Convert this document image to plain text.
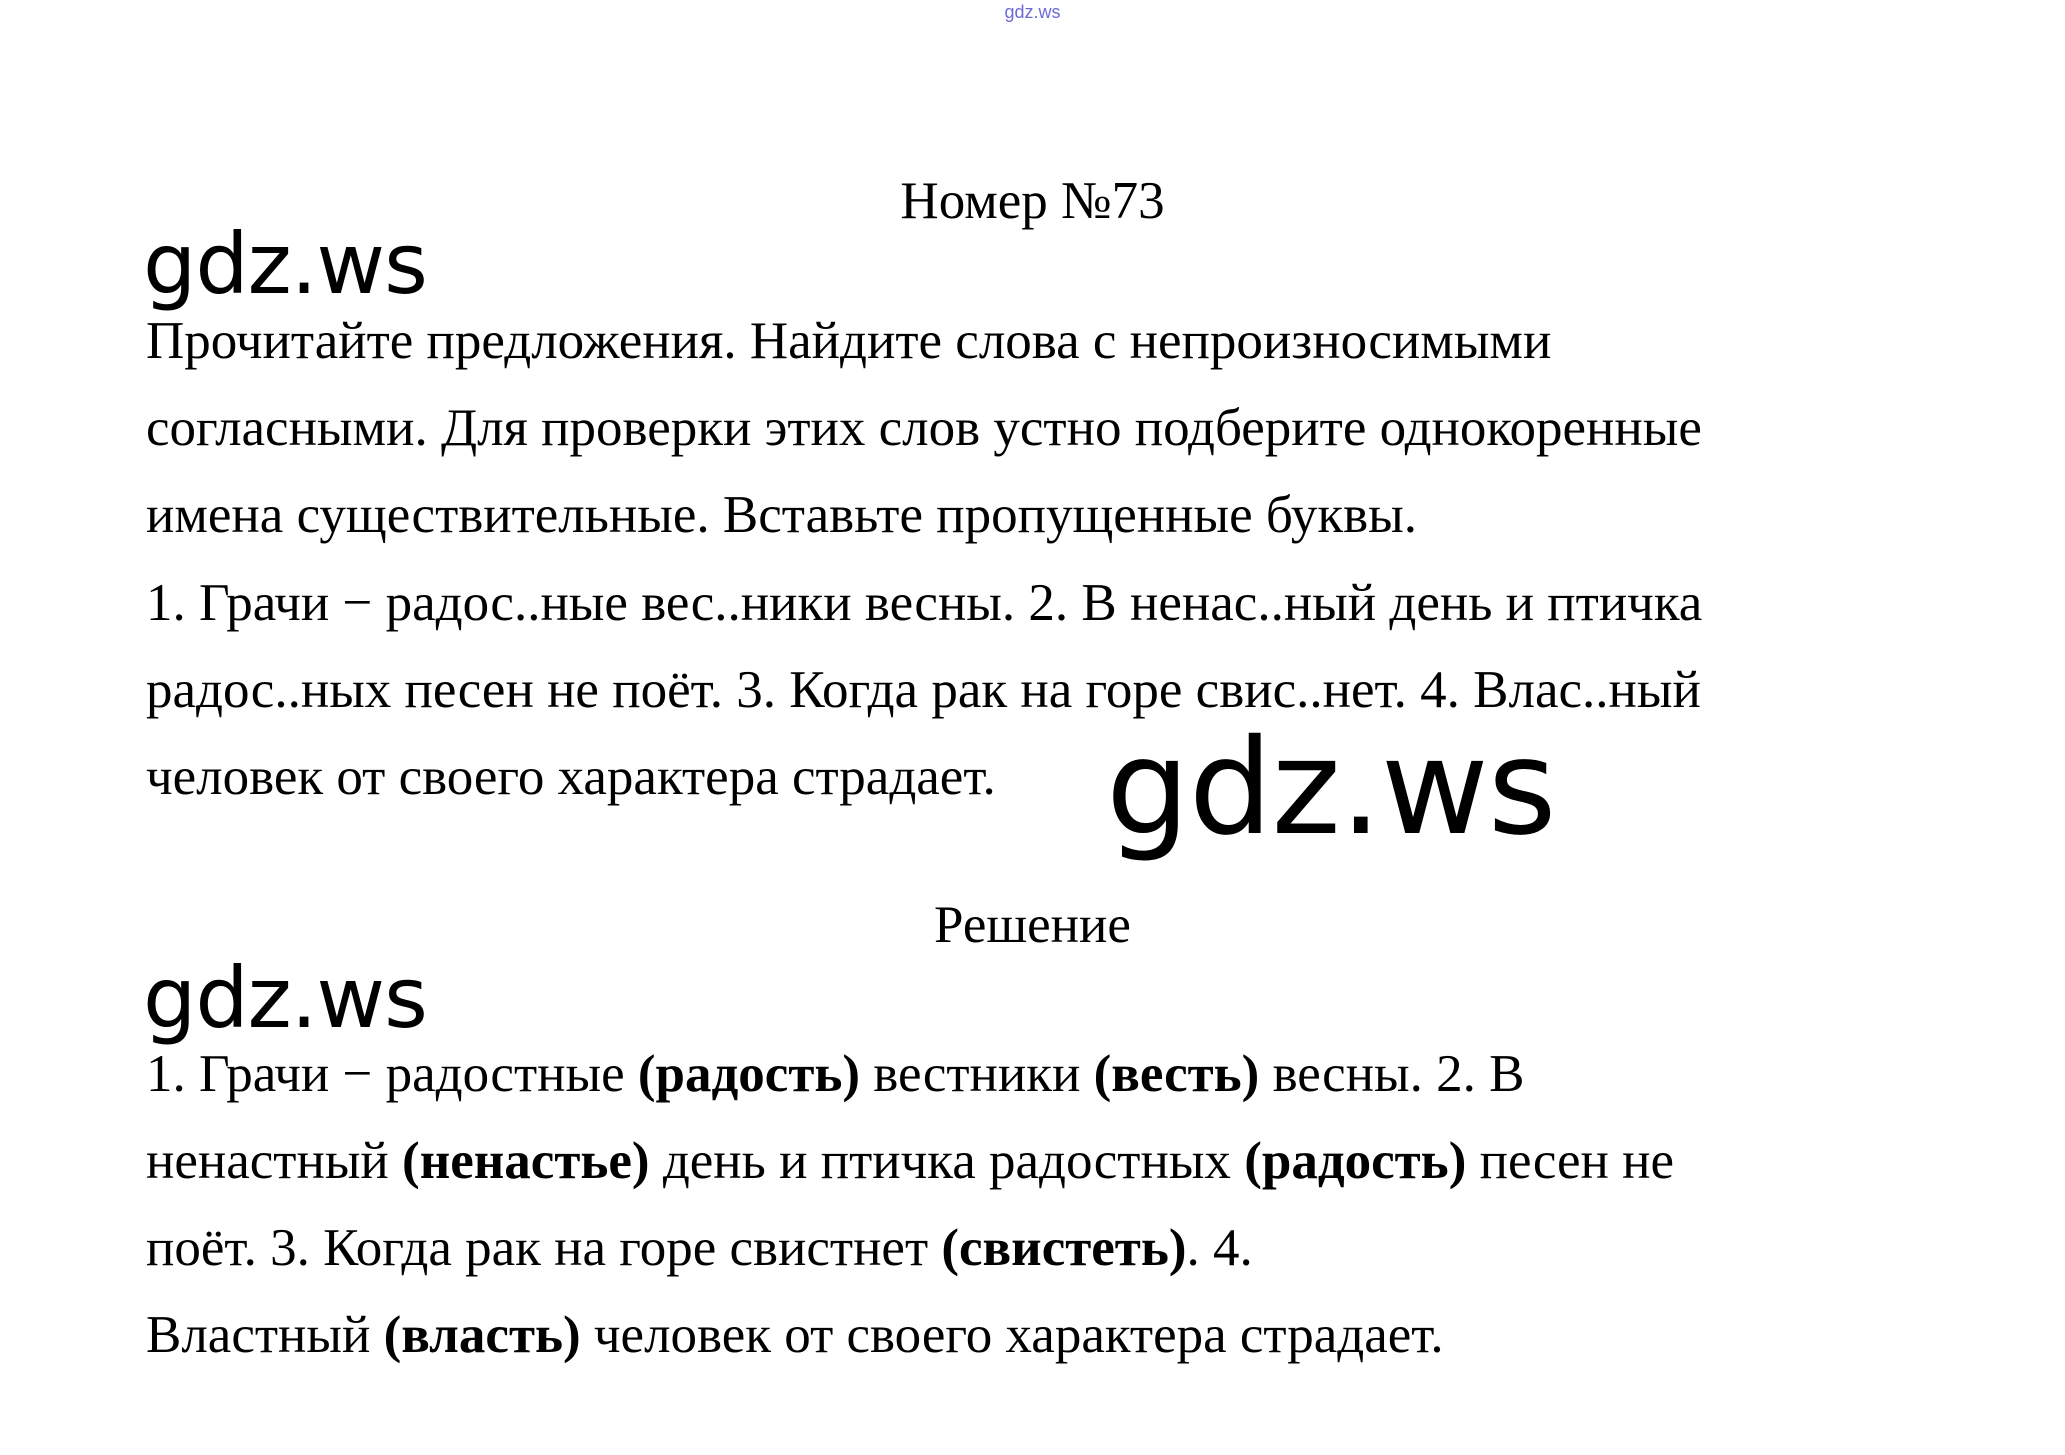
gdz.ws
Номер №73
gdz.ws
Прочитайте предложения. Найдите слова с непроизносимыми
согласными. Для проверки этих слов устно подберите однокоренные
имена существительные. Вставьте пропущенные буквы.
1. Грачи − радос..ные вес..ники весны. 2. В ненас..ный день и птичка
радос..ных песен не поёт. 3. Когда рак на горе свис..нет. 4. Влас..ный
человек от своего характера страдает. gdz.ws
Решение
gdz.ws
1. Грачи − радостные (радость) вестники (весть) весны. 2. В
ненастный (ненастье) день и птичка радостных (радость) песен не
поёт. 3. Когда рак на горе свистнет (свистеть). 4.
Властный (власть) человек от своего характера страдает.
